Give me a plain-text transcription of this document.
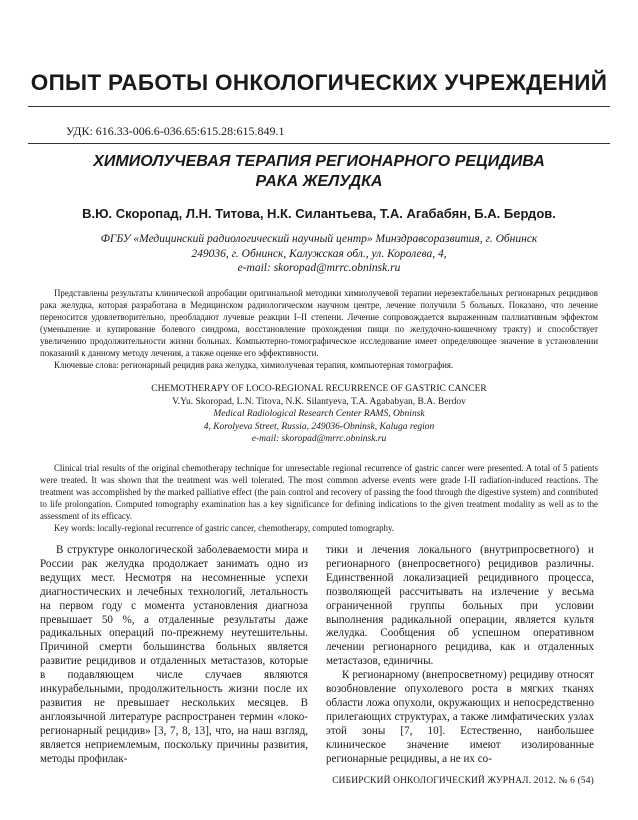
ОПЫТ РАБОТЫ ОНКОЛОГИЧЕСКИХ УЧРЕЖДЕНИЙ
УДК: 616.33-006.6-036.65:615.28:615.849.1
ХИМИОЛУЧЕВАЯ ТЕРАПИЯ РЕГИОНАРНОГО РЕЦИДИВА
РАКА ЖЕЛУДКА
В.Ю. Скоропад, Л.Н. Титова, Н.К. Силантьева, Т.А. Агабабян, Б.А. Бердов.
ФГБУ «Медицинский радиологический научный центр» Минздравсоразвития, г. Обнинск
249036, г. Обнинск, Калужская обл., ул. Королева, 4,
e-mail: skoropad@mrrc.obninsk.ru

Представлены результаты клинической апробации оригинальной методики химиолучевой терапии нерезектабельных регионарных рецидивов рака желудка, которая разработана в Медицинском радиологическом научном центре, лечение получили 5 больных. Показано, что лечение переносится удовлетворительно, преобладают лучевые реакции I–II степени. Лечение сопровождается выраженным паллиативным эффектом (уменьшение и купирование болевого синдрома, восстановление прохождения пищи по желудочно-кишечному тракту) и способствует увеличению продолжительности жизни больных. Компьютерно-томографическое исследование имеет определяющее значение в установлении показаний к данному методу лечения, а также оценке его эффективности.

Ключевые слова: регионарный рецидив рака желудка, химиолучевая терапия, компьютерная томография.

CHEMOTHERAPY OF LOCO-REGIONAL RECURRENCE OF GASTRIC CANCER
V.Yu. Skoropad, L.N. Titova, N.K. Silantyeva, T.A. Agababyan, B.A. Berdov
Medical Radiological Research Center RAMS, Obninsk
4, Korolyeva Street, Russia, 249036-Obninsk, Kaluga region
e-mail: skoropad@mrrc.obninsk.ru

Clinical trial results of the original chemotherapy technique for unresectable regional recurrence of gastric cancer were presented. A total of 5 patients were treated. It was shown that the treatment was well tolerated. The most common adverse events were grade I-II radiation-induced reactions. The treatment was accomplished by the marked palliative effect (the pain control and recovery of passing the food through the digestive system) and contributed to life prolongation. Computed tomography examination has a key significance for defining indications to the given treatment modality as well as to the assessment of its efficacy.

Key words: locally-regional recurrence of gastric cancer, chemotherapy, computed tomography.

В структуре онкологической заболеваемости мира и России рак желудка продолжает занимать одно из ведущих мест. Несмотря на несомненные успехи диагностических и лечебных технологий, летальность на первом году с момента установления диагноза превышает 50 %, а отдаленные результаты даже радикальных операций по-прежнему неутешительны. Причиной смерти большинства больных является развитие рецидивов и отдаленных метастазов, которые в подавляющем числе случаев являются инкурабельными, продолжительность жизни после их развития не превышает нескольких месяцев. В англоязычной литературе распространен термин «локо-регионарный рецидив» [3, 7, 8, 13], что, на наш взгляд, является неприемлемым, поскольку причины развития, методы профилак-

тики и лечения локального (внутрипросветного) и регионарного (внепросветного) рецидивов различны. Единственной локализацией рецидивного процесса, позволяющей рассчитывать на излечение у весьма ограниченной группы больных при условии выполнения радикальной операции, является культя желудка. Сообщения об успешном оперативном лечении регионарного рецидива, как и отдаленных метастазов, единичны.

К регионарному (внепросветному) рецидиву относят возобновление опухолевого роста в мягких тканях области ложа опухоли, окружающих и непосредственно прилегающих структурах, а также лимфатических узлах этой зоны [7, 10]. Естественно, наибольшее клиническое значение имеют изолированные регионарные рецидивы, а не их со-

СИБИРСКИЙ ОНКОЛОГИЧЕСКИЙ ЖУРНАЛ. 2012. № 6 (54)
